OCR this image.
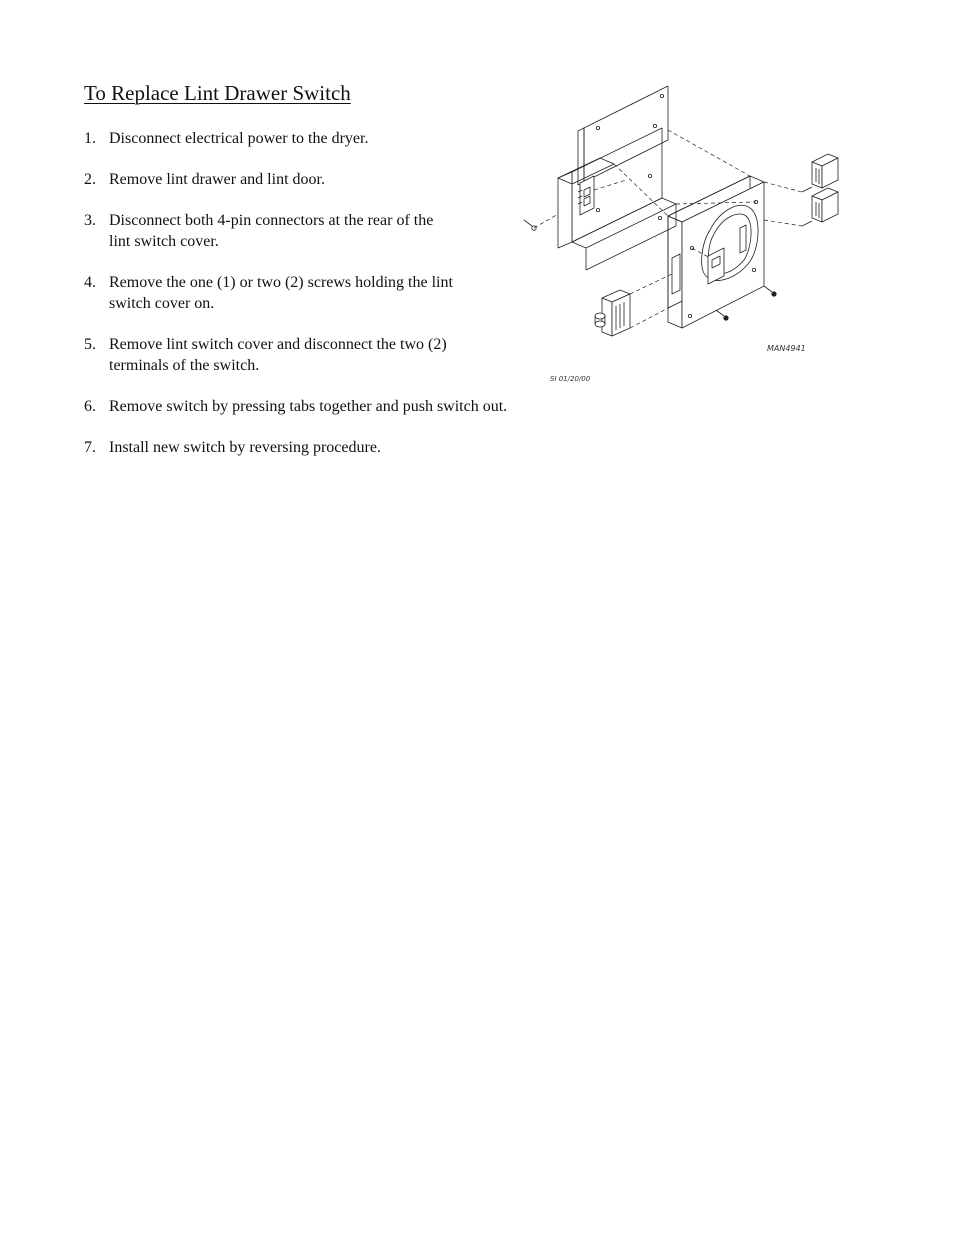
To Replace Lint Drawer Switch
1. Disconnect electrical power to the dryer.
2. Remove lint drawer and lint door.
3. Disconnect both 4-pin connectors at the rear of the lint switch cover.
4. Remove the one (1) or two (2) screws holding the lint switch cover on.
5. Remove lint switch cover and disconnect the two (2) terminals of the switch.
6. Remove switch by pressing tabs together and push switch out.
7. Install new switch by reversing procedure.
MAN4941
SI 01/20/00
